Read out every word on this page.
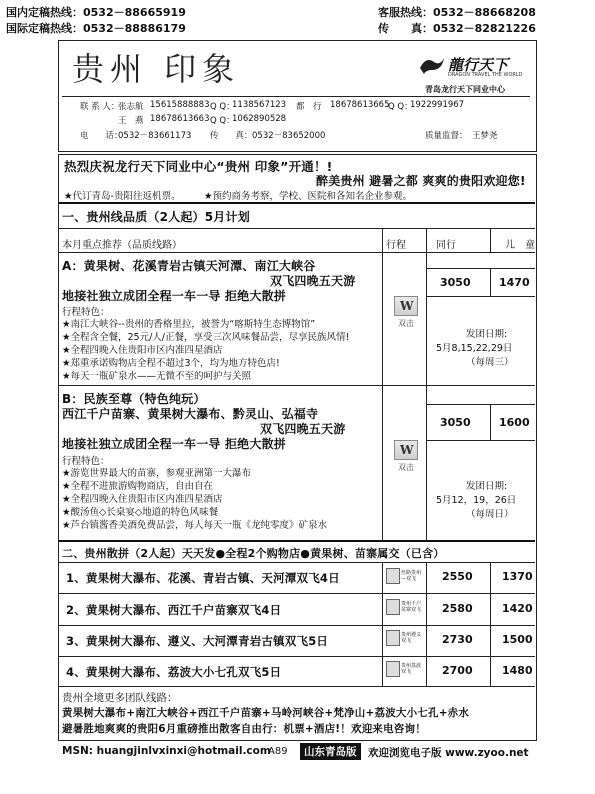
国内定稿热线：0532－88665919
国际定稿热线：0532－88886179
客服热线：0532－88668208
传　　真：0532－82821226
贵州 印象	龍行天下
DRAGON TRAVEL THE WORLD
青岛龙行天下同业中心
联 系 人：
张志航 15615888883 Q Q：
1138567123 都　行 18678613665
Q Q：
1922991967
王　燕 18678613663 Q Q：
1062890528
电　　话：
0532－83661173 传　　真： 0532－83652000	质量监督： 王梦尧
热烈庆祝龙行天下同业中心“贵州 印象”开通！!
醉美贵州 避暑之都 爽爽的贵阳欢迎您!
★代订青岛-贵阳往返机票。 ★预约商务考察，学校、医院和各知名企业参观。
一、贵州线品质（2人起）5月计划
本月重点推荐（品质线路）	行程	同行	儿　童
A：黄果树、花溪青岩古镇天河潭、南江大峡谷
双飞四晚五天游
地接社独立成团全程一车一导 拒绝大散拼
行程特色：
★南江大峡谷--贵州的香格里拉，被誉为“喀斯特生态博物馆”
★全程含全餐，25元/人/正餐，享受三次风味餐品尝，尽享民族风情!
★全程四晚入住贵阳市区内准四星酒店
★郑重承诺购物店全程不超过3个，均为地方特色店!
★每天一瓶矿泉水——无微不至的呵护与关照
W
双击
3050	1470
发团日期:
5月8,15,22,29日
（每周三）
B：民族至尊（特色纯玩）
西江千户苗寨、黄果树大瀑布、黔灵山、弘福寺
双飞四晚五天游
地接社独立成团全程一车一导 拒绝大散拼
行程特色：
★游览世界最大的苗寨，参观亚洲第一大瀑布
★全程不进旅游购物商店，自由自在
★全程四晚入住贵阳市区内准四星酒店
★酸汤鱼◇长桌宴◇地道的特色风味餐
★芦台镇酱香美酒免费品尝，每人每天一瓶《龙纯零度》矿泉水
W
双击
3050	1600
发团日期:
5月12，19，26日
（每周日）
二、贵州散拼（2人起）天天发●全程2个购物店●黄果树、苗寨属交（已含）
1、黄果树大瀑布、花溪、青岩古镇、天河潭双飞4日	丝路贵州—双飞	2550	1370
2、黄果树大瀑布、西江千户苗寨双飞4日	贵州千户苗寨双飞	2580	1420
3、黄果树大瀑布、遵义、大河潭青岩古镇双飞5日	贵州遵义双飞	2730	1500
4、黄果树大瀑布、荔波大小七孔双飞5日	贵州荔波双飞	2700	1480
贵州全境更多团队线路：
黄果树大瀑布+南江大峡谷+西江千户苗寨+马岭河峡谷+梵净山+荔波大小七孔+赤水
避暑胜地爽爽的贵阳6月重磅推出散客自由行：机票+酒店!！欢迎来电咨询！
MSN: huangjinlvxinxi@hotmail.com
A89	山东青岛版	欢迎浏览电子版 www.zyoo.net
